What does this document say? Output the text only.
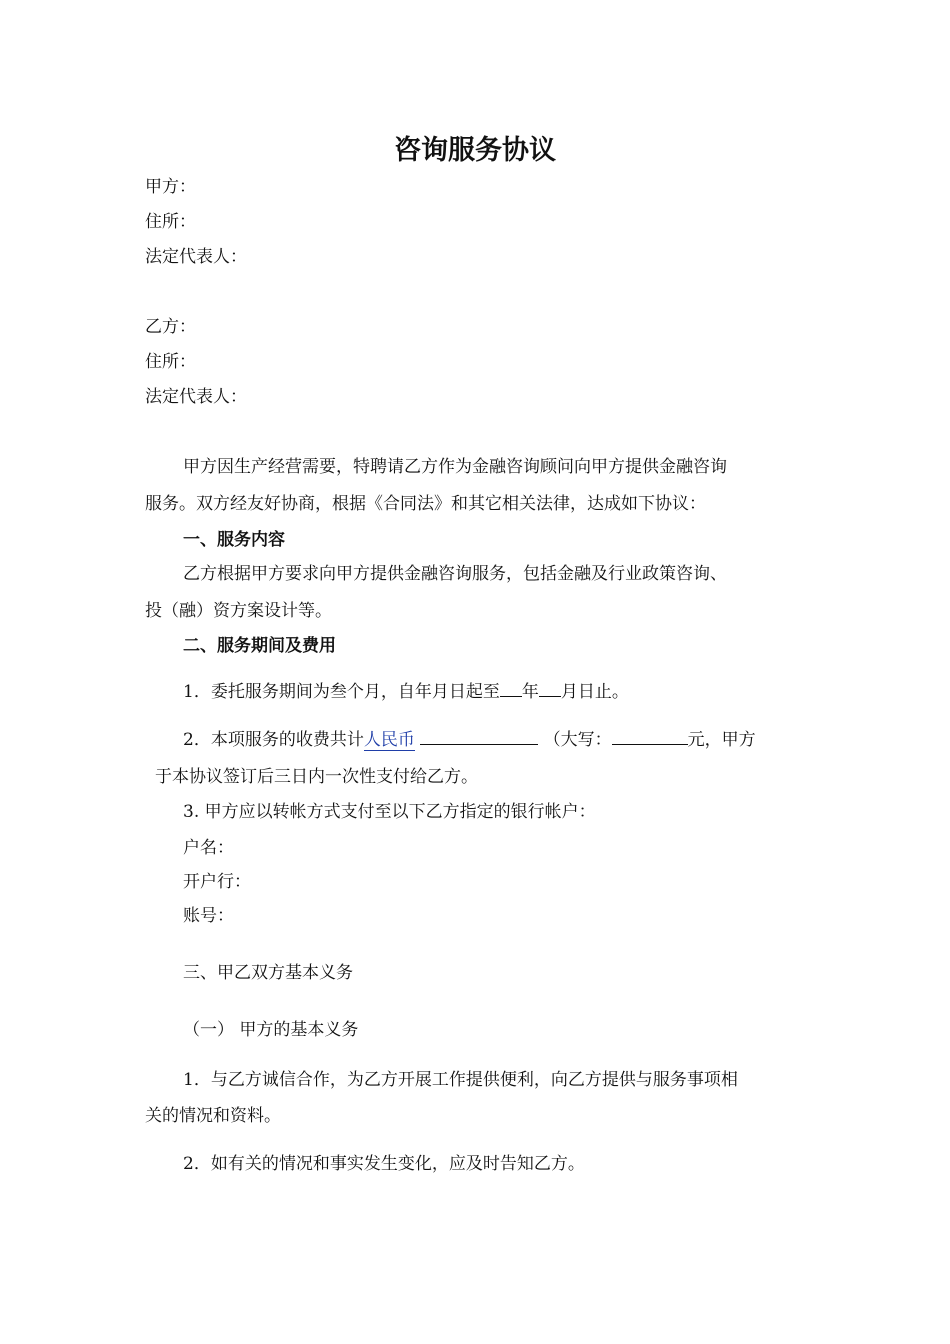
咨询服务协议

甲方：

住所：

法定代表人：

乙方：

住所：

法定代表人：

甲方因生产经营需要，特聘请乙方作为金融咨询顾问向甲方提供金融咨询

服务。双方经友好协商，根据《合同法》和其它相关法律，达成如下协议：

一、服务内容

乙方根据甲方要求向甲方提供金融咨询服务，包括金融及行业政策咨询、

投（融）资方案设计等。

二、服务期间及费用

1．委托服务期间为叁个月，自年月日起至 年 月日止。

2．本项服务的收费共计人民币	（大写：	元，甲方

于本协议签订后三日内一次性支付给乙方。

3. 甲方应以转帐方式支付至以下乙方指定的银行帐户：

户名：

开户行：

账号：

三、甲乙双方基本义务

（一） 甲方的基本义务

1．与乙方诚信合作，为乙方开展工作提供便利，向乙方提供与服务事项相

关的情况和资料。

2．如有关的情况和事实发生变化，应及时告知乙方。
